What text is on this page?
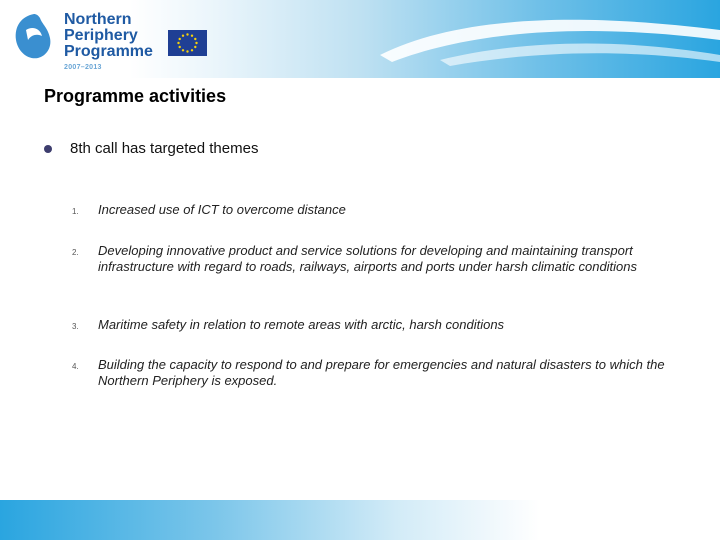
Northern
Periphery
Programme
2007–2013
Programme activities
8th call has targeted themes
1. Increased use of ICT to overcome distance
2. Developing innovative product and service solutions for developing and maintaining transport infrastructure with regard to roads, railways, airports and ports under harsh climatic conditions
3. Maritime safety in relation to remote areas with arctic, harsh conditions
4. Building the capacity to respond to and prepare for emergencies and natural disasters to which the Northern Periphery is exposed.
